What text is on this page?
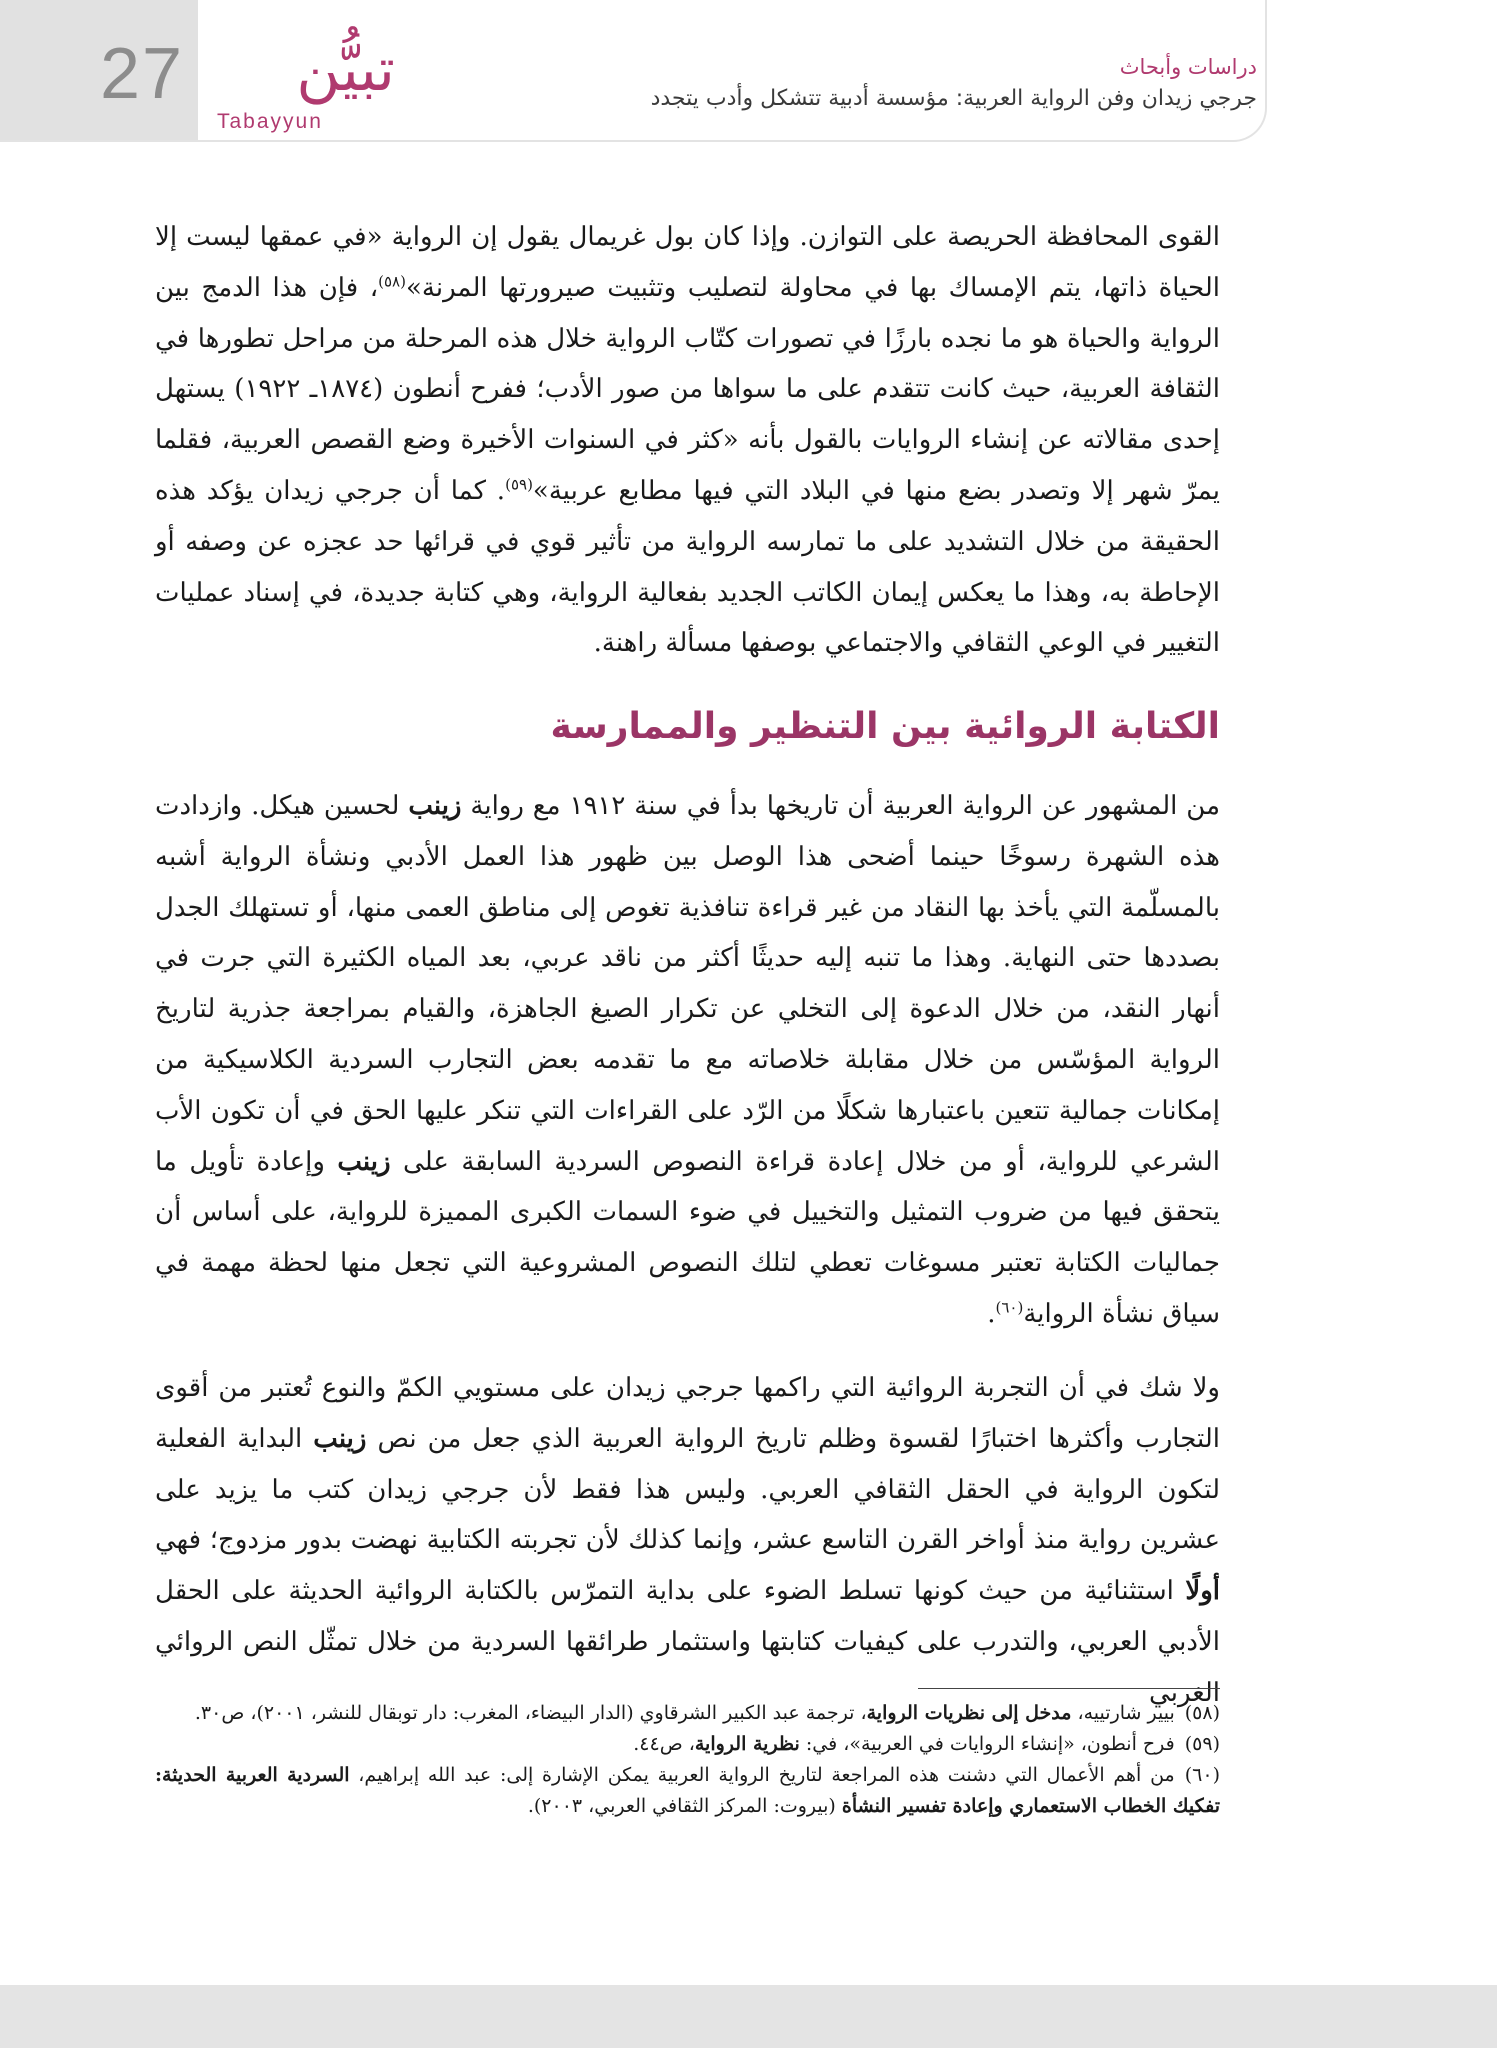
27 تبيُّن
Tabayyun
دراسات وأبحاث
جرجي زيدان وفن الرواية العربية: مؤسسة أدبية تتشكل وأدب يتجدد

القوى المحافظة الحريصة على التوازن. وإذا كان بول غريمال يقول إن الرواية «في عمقها ليست إلا الحياة ذاتها، يتم الإمساك بها في محاولة لتصليب وتثبيت صيرورتها المرنة»$^{(٥٨)}$، فإن هذا الدمج بين الرواية والحياة هو ما نجده بارزًا في تصورات كتّاب الرواية خلال هذه المرحلة من مراحل تطورها في الثقافة العربية، حيث كانت تتقدم على ما سواها من صور الأدب؛ ففرح أنطون (١٨٧٤ـ ١٩٢٢) يستهل إحدى مقالاته عن إنشاء الروايات بالقول بأنه «كثر في السنوات الأخيرة وضع القصص العربية، فقلما يمرّ شهر إلا وتصدر بضع منها في البلاد التي فيها مطابع عربية»$^{(٥٩)}$. كما أن جرجي زيدان يؤكد هذه الحقيقة من خلال التشديد على ما تمارسه الرواية من تأثير قوي في قرائها حد عجزه عن وصفه أو الإحاطة به، وهذا ما يعكس إيمان الكاتب الجديد بفعالية الرواية، وهي كتابة جديدة، في إسناد عمليات التغيير في الوعي الثقافي والاجتماعي بوصفها مسألة راهنة.

الكتابة الروائية بين التنظير والممارسة

من المشهور عن الرواية العربية أن تاريخها بدأ في سنة ١٩١٢ مع رواية زينب لحسين هيكل. وازدادت هذه الشهرة رسوخًا حينما أضحى هذا الوصل بين ظهور هذا العمل الأدبي ونشأة الرواية أشبه بالمسلّمة التي يأخذ بها النقاد من غير قراءة تنافذية تغوص إلى مناطق العمى منها، أو تستهلك الجدل بصددها حتى النهاية. وهذا ما تنبه إليه حديثًا أكثر من ناقد عربي، بعد المياه الكثيرة التي جرت في أنهار النقد، من خلال الدعوة إلى التخلي عن تكرار الصيغ الجاهزة، والقيام بمراجعة جذرية لتاريخ الرواية المؤسّس من خلال مقابلة خلاصاته مع ما تقدمه بعض التجارب السردية الكلاسيكية من إمكانات جمالية تتعين باعتبارها شكلًا من الرّد على القراءات التي تنكر عليها الحق في أن تكون الأب الشرعي للرواية، أو من خلال إعادة قراءة النصوص السردية السابقة على زينب وإعادة تأويل ما يتحقق فيها من ضروب التمثيل والتخييل في ضوء السمات الكبرى المميزة للرواية، على أساس أن جماليات الكتابة تعتبر مسوغات تعطي لتلك النصوص المشروعية التي تجعل منها لحظة مهمة في سياق نشأة الرواية$^{(٦٠)}$.

ولا شك في أن التجربة الروائية التي راكمها جرجي زيدان على مستويي الكمّ والنوع تُعتبر من أقوى التجارب وأكثرها اختبارًا لقسوة وظلم تاريخ الرواية العربية الذي جعل من نص زينب البداية الفعلية لتكون الرواية في الحقل الثقافي العربي. وليس هذا فقط لأن جرجي زيدان كتب ما يزيد على عشرين رواية منذ أواخر القرن التاسع عشر، وإنما كذلك لأن تجربته الكتابية نهضت بدور مزدوج؛ فهي أولًا استثنائية من حيث كونها تسلط الضوء على بداية التمرّس بالكتابة الروائية الحديثة على الحقل الأدبي العربي، والتدرب على كيفيات كتابتها واستثمار طرائقها السردية من خلال تمثّل النص الروائي الغربي

(٥٨)بيير شارتييه، مدخل إلى نظريات الرواية، ترجمة عبد الكبير الشرقاوي (الدار البيضاء، المغرب: دار توبقال للنشر، ٢٠٠١)، ص٣٠.

(٥٩)فرح أنطون، «إنشاء الروايات في العربية»، في: نظرية الرواية، ص٤٤.

(٦٠)من أهم الأعمال التي دشنت هذه المراجعة لتاريخ الرواية العربية يمكن الإشارة إلى: عبد الله إبراهيم، السردية العربية الحديثة: تفكيك الخطاب الاستعماري وإعادة تفسير النشأة (بيروت: المركز الثقافي العربي، ٢٠٠٣).
